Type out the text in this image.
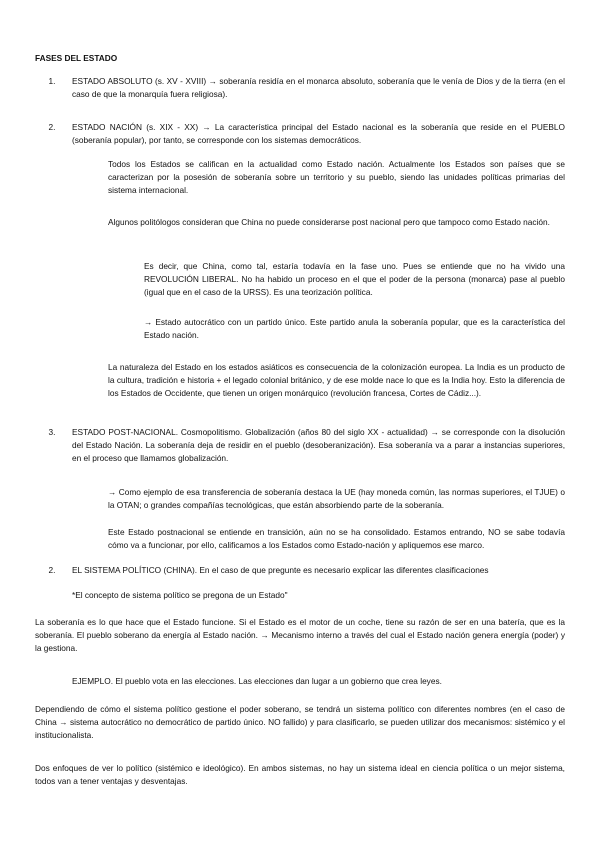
FASES DEL ESTADO
1.	ESTADO ABSOLUTO (s. XV - XVIII) → soberanía residía en el monarca absoluto, soberanía que le venía de Dios y de la tierra (en el caso de que la monarquía fuera religiosa).
2.	ESTADO NACIÓN (s. XIX - XX) → La característica principal del Estado nacional es la soberanía que reside en el PUEBLO (soberanía popular), por tanto, se corresponde con los sistemas democráticos.
Todos los Estados se califican en la actualidad como Estado nación. Actualmente los Estados son países que se caracterizan por la posesión de soberanía sobre un territorio y su pueblo, siendo las unidades políticas primarias del sistema internacional.
Algunos politólogos consideran que China no puede considerarse post nacional pero que tampoco como Estado nación.
Es decir, que China, como tal, estaría todavía en la fase uno. Pues se entiende que no ha vivido una REVOLUCIÓN LIBERAL. No ha habido un proceso en el que el poder de la persona (monarca) pase al pueblo (igual que en el caso de la URSS). Es una teorización política.
→ Estado autocrático con un partido único. Este partido anula la soberanía popular, que es la característica del Estado nación.
La naturaleza del Estado en los estados asiáticos es consecuencia de la colonización europea. La India es un producto de la cultura, tradición e historia + el legado colonial británico, y de ese molde nace lo que es la India hoy. Esto la diferencia de los Estados de Occidente, que tienen un origen monárquico (revolución francesa, Cortes de Cádiz...).
3.	ESTADO POST-NACIONAL. Cosmopolitismo. Globalización (años 80 del siglo XX - actualidad) → se corresponde con la disolución del Estado Nación. La soberanía deja de residir en el pueblo (desoberanización). Esa soberanía va a parar a instancias superiores, en el proceso que llamamos globalización.
→ Como ejemplo de esa transferencia de soberanía destaca la UE (hay moneda común, las normas superiores, el TJUE) o la OTAN; o grandes compañías tecnológicas, que están absorbiendo parte de la soberanía.
Este Estado postnacional se entiende en transición, aún no se ha consolidado. Estamos entrando, NO se sabe todavía cómo va a funcionar, por ello, calificamos a los Estados como Estado-nación y apliquemos ese marco.
2.	EL SISTEMA POLÍTICO (CHINA). En el caso de que pregunte es necesario explicar las diferentes clasificaciones
*El concepto de sistema político se pregona de un Estado"
La soberanía es lo que hace que el Estado funcione. Si el Estado es el motor de un coche, tiene su razón de ser en una batería, que es la soberanía. El pueblo soberano da energía al Estado nación. → Mecanismo interno a través del cual el Estado nación genera energía (poder) y la gestiona.
EJEMPLO. El pueblo vota en las elecciones. Las elecciones dan lugar a un gobierno que crea leyes.
Dependiendo de cómo el sistema político gestione el poder soberano, se tendrá un sistema político con diferentes nombres (en el caso de China → sistema autocrático no democrático de partido único. NO fallido) y para clasificarlo, se pueden utilizar dos mecanismos: sistémico y el institucionalista.
Dos enfoques de ver lo político (sistémico e ideológico). En ambos sistemas, no hay un sistema ideal en ciencia política o un mejor sistema, todos van a tener ventajas y desventajas.
